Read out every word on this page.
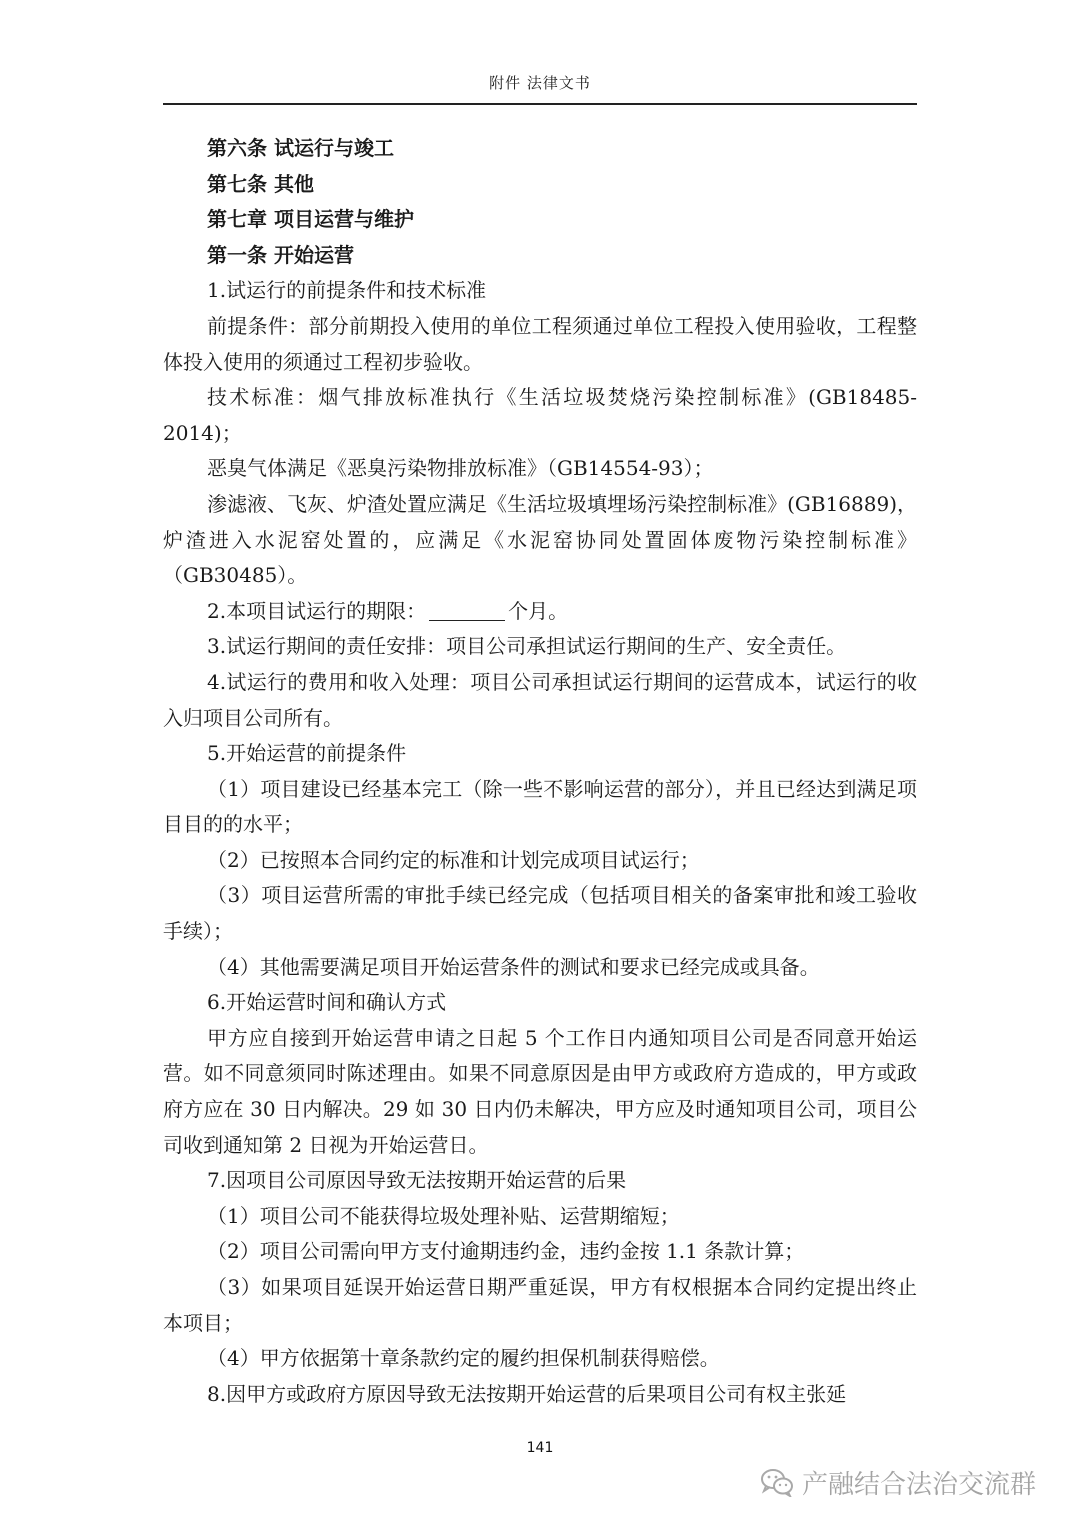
附件 法律文书

第六条 试运行与竣工

第七条 其他

第七章 项目运营与维护

第一条 开始运营

1.试运行的前提条件和技术标准

前提条件：部分前期投入使用的单位工程须通过单位工程投入使用验收，工程整体投入使用的须通过工程初步验收。

技术标准：烟气排放标准执行《生活垃圾焚烧污染控制标准》(GB18485-2014)；

恶臭气体满足《恶臭污染物排放标准》（GB14554-93）；

渗滤液、飞灰、炉渣处置应满足《生活垃圾填埋场污染控制标准》(GB16889)，炉渣进入水泥窑处置的，应满足《水泥窑协同处置固体废物污染控制标准》（GB30485）。

2.本项目试运行的期限：	个月。

3.试运行期间的责任安排：项目公司承担试运行期间的生产、安全责任。

4.试运行的费用和收入处理：项目公司承担试运行期间的运营成本，试运行的收入归项目公司所有。

5.开始运营的前提条件

（1）项目建设已经基本完工（除一些不影响运营的部分），并且已经达到满足项目目的的水平；

（2）已按照本合同约定的标准和计划完成项目试运行；

（3）项目运营所需的审批手续已经完成（包括项目相关的备案审批和竣工验收手续）；

（4）其他需要满足项目开始运营条件的测试和要求已经完成或具备。

6.开始运营时间和确认方式

甲方应自接到开始运营申请之日起 5 个工作日内通知项目公司是否同意开始运营。如不同意须同时陈述理由。如果不同意原因是由甲方或政府方造成的，甲方或政府方应在 30 日内解决。29 如 30 日内仍未解决，甲方应及时通知项目公司，项目公司收到通知第 2 日视为开始运营日。

7.因项目公司原因导致无法按期开始运营的后果

（1）项目公司不能获得垃圾处理补贴、运营期缩短；

（2）项目公司需向甲方支付逾期违约金，违约金按 1.1 条款计算；

（3）如果项目延误开始运营日期严重延误，甲方有权根据本合同约定提出终止本项目；

（4）甲方依据第十章条款约定的履约担保机制获得赔偿。

8.因甲方或政府方原因导致无法按期开始运营的后果项目公司有权主张延

141
产融结合法治交流群
